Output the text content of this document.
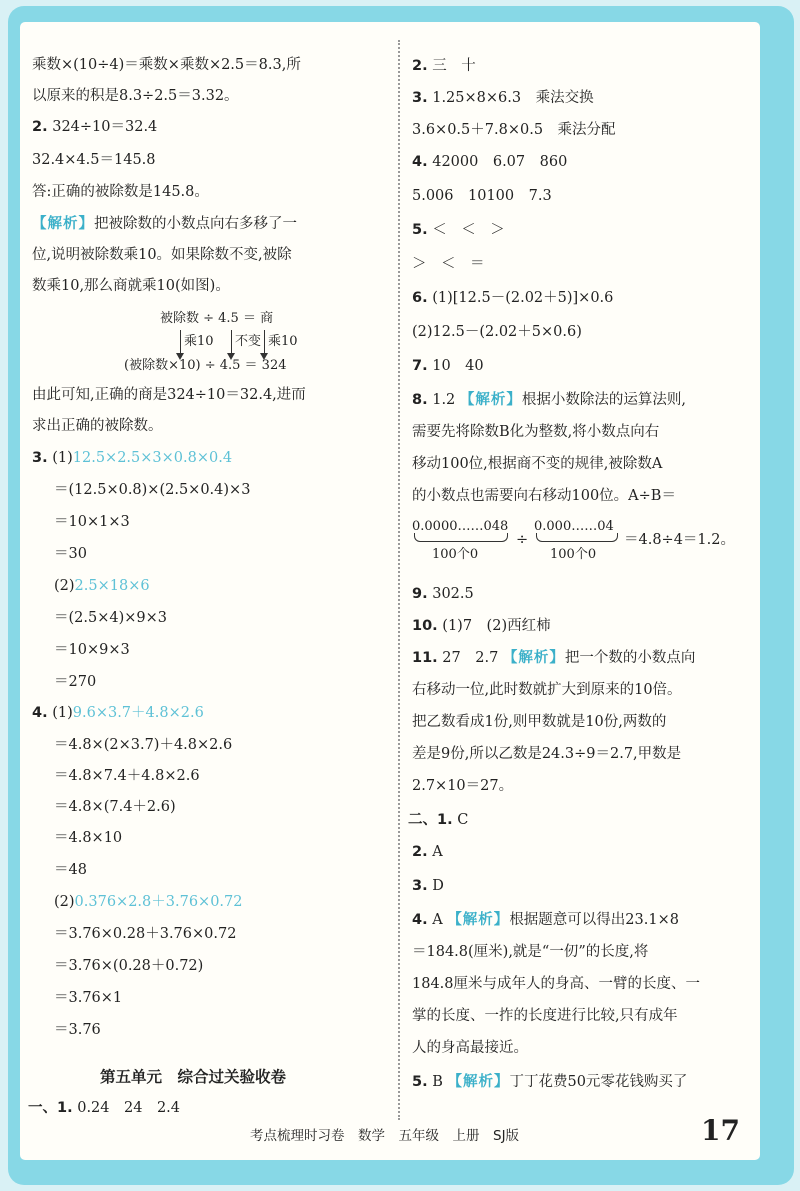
乘数×(10÷4)＝乘数×乘数×2.5＝8.3,所
以原来的积是8.3÷2.5＝3.32。
2. 324÷10＝32.4
32.4×4.5＝145.8
答:正确的被除数是145.8。
【解析】把被除数的小数点向右多移了一
位,说明被除数乘10。如果除数不变,被除
数乘10,那么商就乘10(如图)。
被除数 ÷ 4.5 ＝ 商
乘10 不变 乘10
(被除数×10) ÷ 4.5 ＝ 324
由此可知,正确的商是324÷10＝32.4,进而
求出正确的被除数。
3. (1)12.5×2.5×3×0.8×0.4
＝(12.5×0.8)×(2.5×0.4)×3
＝10×1×3
＝30
(2)2.5×18×6
＝(2.5×4)×9×3
＝10×9×3
＝270
4. (1)9.6×3.7＋4.8×2.6
＝4.8×(2×3.7)＋4.8×2.6
＝4.8×7.4＋4.8×2.6
＝4.8×(7.4＋2.6)
＝4.8×10
＝48
(2)0.376×2.8＋3.76×0.72
＝3.76×0.28＋3.76×0.72
＝3.76×(0.28＋0.72)
＝3.76×1
＝3.76
第五单元　综合过关验收卷
一、1. 0.24　24　2.4
2. 三　十
3. 1.25×8×6.3　乘法交换
3.6×0.5＋7.8×0.5　乘法分配
4. 42000　6.07　860
5.006　10100　7.3
5. ＜　＜　＞
＞　＜　＝
6. (1)[12.5－(2.02＋5)]×0.6
(2)12.5－(2.02＋5×0.6)
7. 10　40
8. 1.2 【解析】根据小数除法的运算法则,
需要先将除数B化为整数,将小数点向右
移动100位,根据商不变的规律,被除数A
的小数点也需要向右移动100位。A÷B＝
0.0000……048
100个0
÷
0.000……04
100个0
＝4.8÷4＝1.2。
9. 302.5
10. (1)7　(2)西红柿
11. 27　2.7 【解析】把一个数的小数点向
右移动一位,此时数就扩大到原来的10倍。
把乙数看成1份,则甲数就是10份,两数的
差是9份,所以乙数是24.3÷9＝2.7,甲数是
2.7×10＝27。
二、1. C
2. A
3. D
4. A 【解析】根据题意可以得出23.1×8
＝184.8(厘米),就是“一仞”的长度,将
184.8厘米与成年人的身高、一臂的长度、一
掌的长度、一拃的长度进行比较,只有成年
人的身高最接近。
5. B 【解析】丁丁花费50元零花钱购买了
考点梳理时习卷　数学　五年级　上册　SJ版	17
